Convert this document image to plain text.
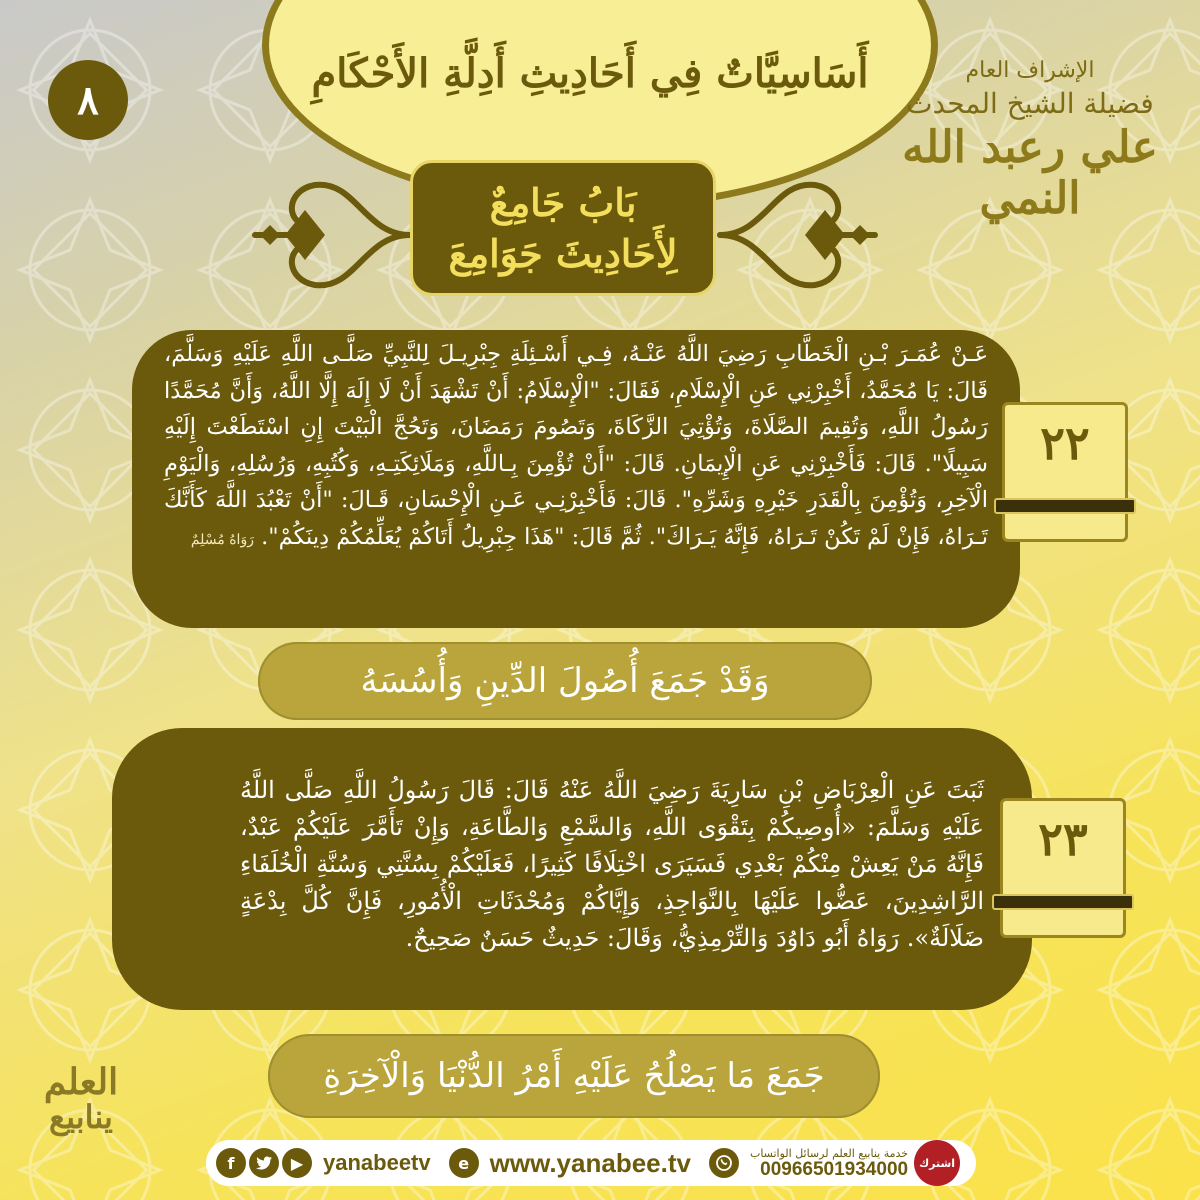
أَسَاسِيَّاتٌ فِي أَحَادِيثِ أَدِلَّةِ الأَحْكَامِ
٨
الإشراف العام
فضيلة الشيخ المحدث
علي رعبد الله النمي
بَابُ جَامِعٌ
لِأَحَادِيثَ جَوَامِعَ

عَـنْ عُمَـرَ بْـنِ الْخَطَّابِ رَضِيَ اللَّهُ عَنْـهُ، فِـي أَسْـئِلَةِ جِبْرِيـلَ لِلنَّبِيِّ صَلَّـى اللَّهِ عَلَيْهِ وَسَلَّمَ، قَالَ: يَا مُحَمَّدُ، أَخْبِرْنِي عَنِ الْإِسْلَامِ، فَقَالَ: "الْإِسْلَامُ: أَنْ تَشْهَدَ أَنْ لَا إِلَهَ إِلَّا اللَّهُ، وَأَنَّ مُحَمَّدًا رَسُولُ اللَّهِ، وَتُقِيمَ الصَّلَاةَ، وَتُؤْتِيَ الزَّكَاةَ، وَتَصُومَ رَمَضَانَ، وَتَحُجَّ الْبَيْتَ إِنِ اسْتَطَعْتَ إِلَيْهِ سَبِيلًا". قَالَ: فَأَخْبِرْنِي عَنِ الْإِيمَانِ. قَالَ: "أَنْ تُؤْمِنَ بِـاللَّهِ، وَمَلَائِكَتِـهِ، وَكُتُبِهِ، وَرُسُلِهِ، وَالْيَوْمِ الْآخِرِ، وَتُؤْمِنَ بِالْقَدَرِ خَيْرِهِ وَشَرِّهِ". قَالَ: فَأَخْبِرْنِـي عَـنِ الْإِحْسَانِ، قَـالَ: "أَنْ تَعْبُدَ اللَّهَ كَأَنَّكَ تَـرَاهُ، فَإِنْ لَمْ تَكُنْ تَـرَاهُ، فَإِنَّهُ يَـرَاكَ". ثُمَّ قَالَ: "هَذَا جِبْرِيلُ أَتَاكُمْ يُعَلِّمُكُمْ دِينَكُمْ". رَوَاهُ مُسْلِمٌ

٢٢
وَقَدْ جَمَعَ أُصُولَ الدِّينِ وَأُسُسَهُ

ثَبَتَ عَنِ الْعِرْبَاضِ بْنِ سَارِيَةَ رَضِيَ اللَّهُ عَنْهُ قَالَ: قَالَ رَسُولُ اللَّهِ صَلَّى اللَّهُ عَلَيْهِ وَسَلَّمَ: «أُوصِيكُمْ بِتَقْوَى اللَّهِ، وَالسَّمْعِ وَالطَّاعَةِ، وَإِنْ تَأَمَّرَ عَلَيْكُمْ عَبْدٌ، فَإِنَّهُ مَنْ يَعِشْ مِنْكُمْ بَعْدِي فَسَيَرَى اخْتِلَافًا كَثِيرًا، فَعَلَيْكُمْ بِسُنَّتِي وَسُنَّةِ الْخُلَفَاءِ الرَّاشِدِينَ، عَضُّوا عَلَيْهَا بِالنَّوَاجِذِ، وَإِيَّاكُمْ وَمُحْدَثَاتِ الْأُمُورِ، فَإِنَّ كُلَّ بِدْعَةٍ ضَلَالَةٌ». رَوَاهُ أَبُو دَاوُدَ وَالتِّرْمِذِيُّ، وَقَالَ: حَدِيثٌ حَسَنٌ صَحِيحٌ.

٢٣
جَمَعَ مَا يَصْلُحُ عَلَيْهِ أَمْرُ الدُّنْيَا وَالْآخِرَةِ
العلم
ينابيع
f	▶ yanabeetv	e www.yanabee.tv	خدمة ينابيع العلم لرسائل الواتساب
00966501934000	اشترك
